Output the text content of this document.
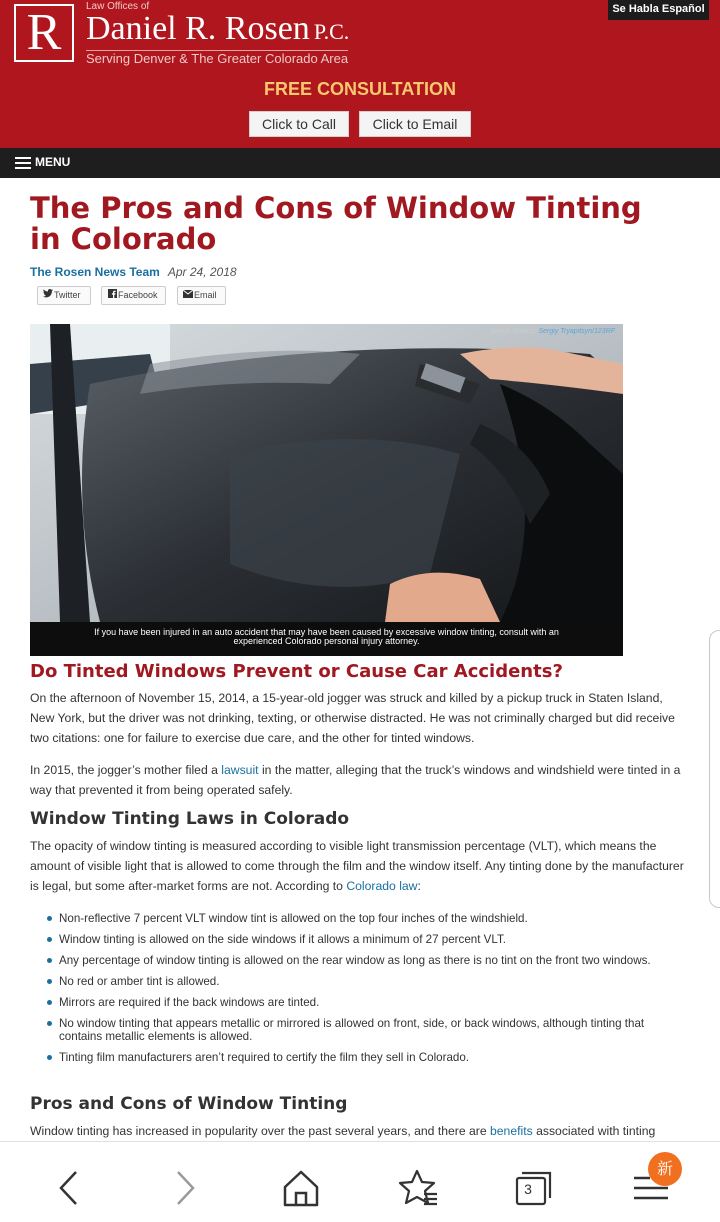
R	Law Offices of
Daniel R. Rosen P.C.
Serving Denver & The Greater Colorado Area
Se Habla Español
FREE CONSULTATION
Click to Call	Click to Email
MENU
The Pros and Cons of Window Tinting in Colorado
The Rosen News Team Apr 24, 2018
Twitter	Facebook	Email
Image Source: Sergiy Tryapitsyn/123RF
If you have been injured in an auto accident that may have been caused by excessive window tinting, consult with an experienced Colorado personal injury attorney.
Do Tinted Windows Prevent or Cause Car Accidents?

On the afternoon of November 15, 2014, a 15-year-old jogger was struck and killed by a pickup truck in Staten Island, New York, but the driver was not drinking, texting, or otherwise distracted. He was not criminally charged but did receive two citations: one for failure to exercise due care, and the other for tinted windows.

In 2015, the jogger’s mother filed a lawsuit in the matter, alleging that the truck’s windows and windshield were tinted in a way that prevented it from being operated safely.

Window Tinting Laws in Colorado

The opacity of window tinting is measured according to visible light transmission percentage (VLT), which means the amount of visible light that is allowed to come through the film and the window itself. Any tinting done by the manufacturer is legal, but some after-market forms are not. According to Colorado law:

Non-reflective 7 percent VLT window tint is allowed on the top four inches of the windshield.
Window tinting is allowed on the side windows if it allows a minimum of 27 percent VLT.
Any percentage of window tinting is allowed on the rear window as long as there is no tint on the front two windows.
No red or amber tint is allowed.
Mirrors are required if the back windows are tinted.
No window tinting that appears metallic or mirrored is allowed on front, side, or back windows, although tinting that contains metallic elements is allowed.
Tinting film manufacturers aren’t required to certify the film they sell in Colorado.
Pros and Cons of Window Tinting

Window tinting has increased in popularity over the past several years, and there are benefits associated with tinting

3
新
